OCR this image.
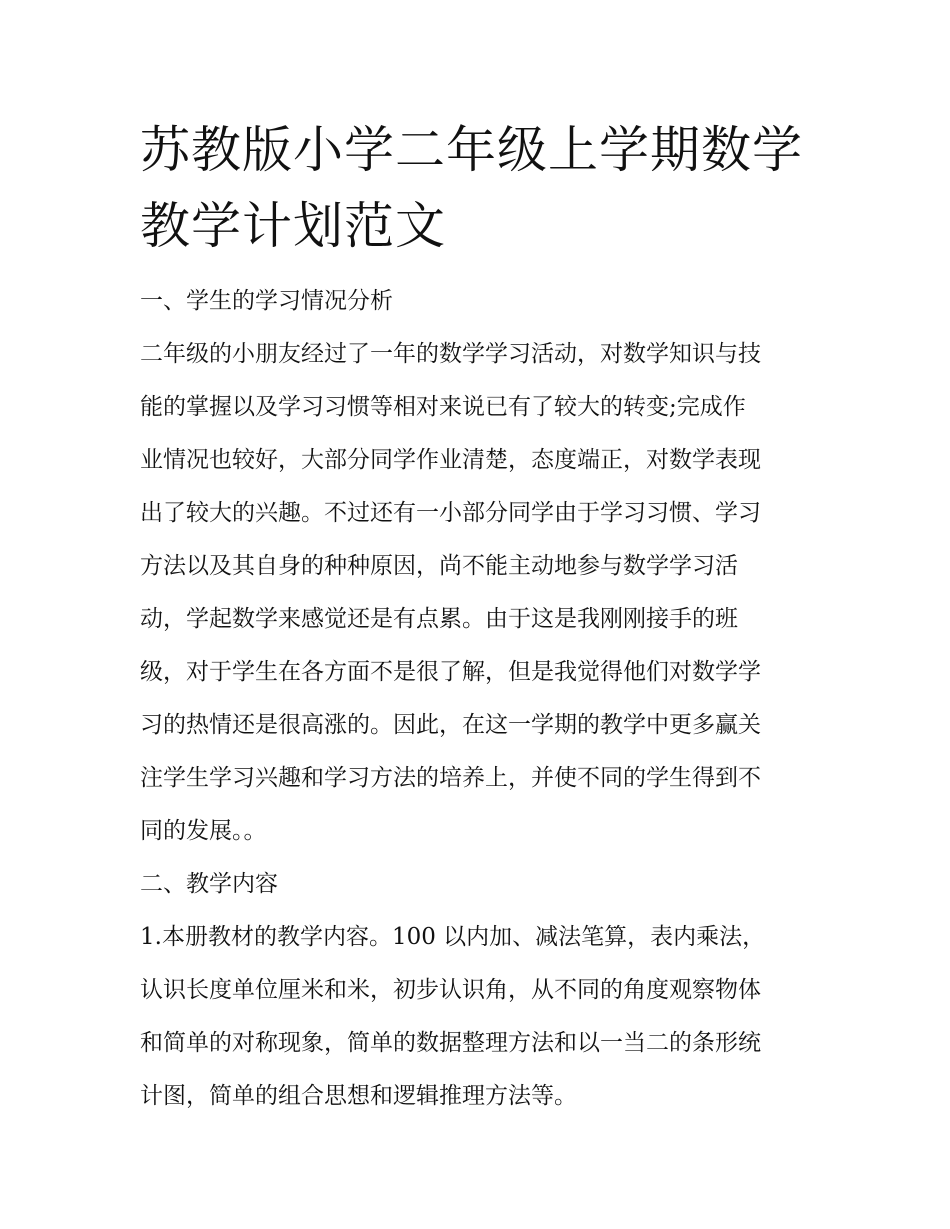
苏教版小学二年级上学期数学
教学计划范文

一、学生的学习情况分析

二年级的小朋友经过了一年的数学学习活动，对数学知识与技
能的掌握以及学习习惯等相对来说已有了较大的转变;完成作
业情况也较好，大部分同学作业清楚，态度端正，对数学表现
出了较大的兴趣。不过还有一小部分同学由于学习习惯、学习
方法以及其自身的种种原因，尚不能主动地参与数学学习活
动，学起数学来感觉还是有点累。由于这是我刚刚接手的班
级，对于学生在各方面不是很了解，但是我觉得他们对数学学
习的热情还是很高涨的。因此，在这一学期的教学中更多赢关
注学生学习兴趣和学习方法的培养上，并使不同的学生得到不
同的发展。。

二、教学内容

1.本册教材的教学内容。100 以内加、减法笔算，表内乘法，
认识长度单位厘米和米，初步认识角，从不同的角度观察物体
和简单的对称现象，简单的数据整理方法和以一当二的条形统
计图，简单的组合思想和逻辑推理方法等。
